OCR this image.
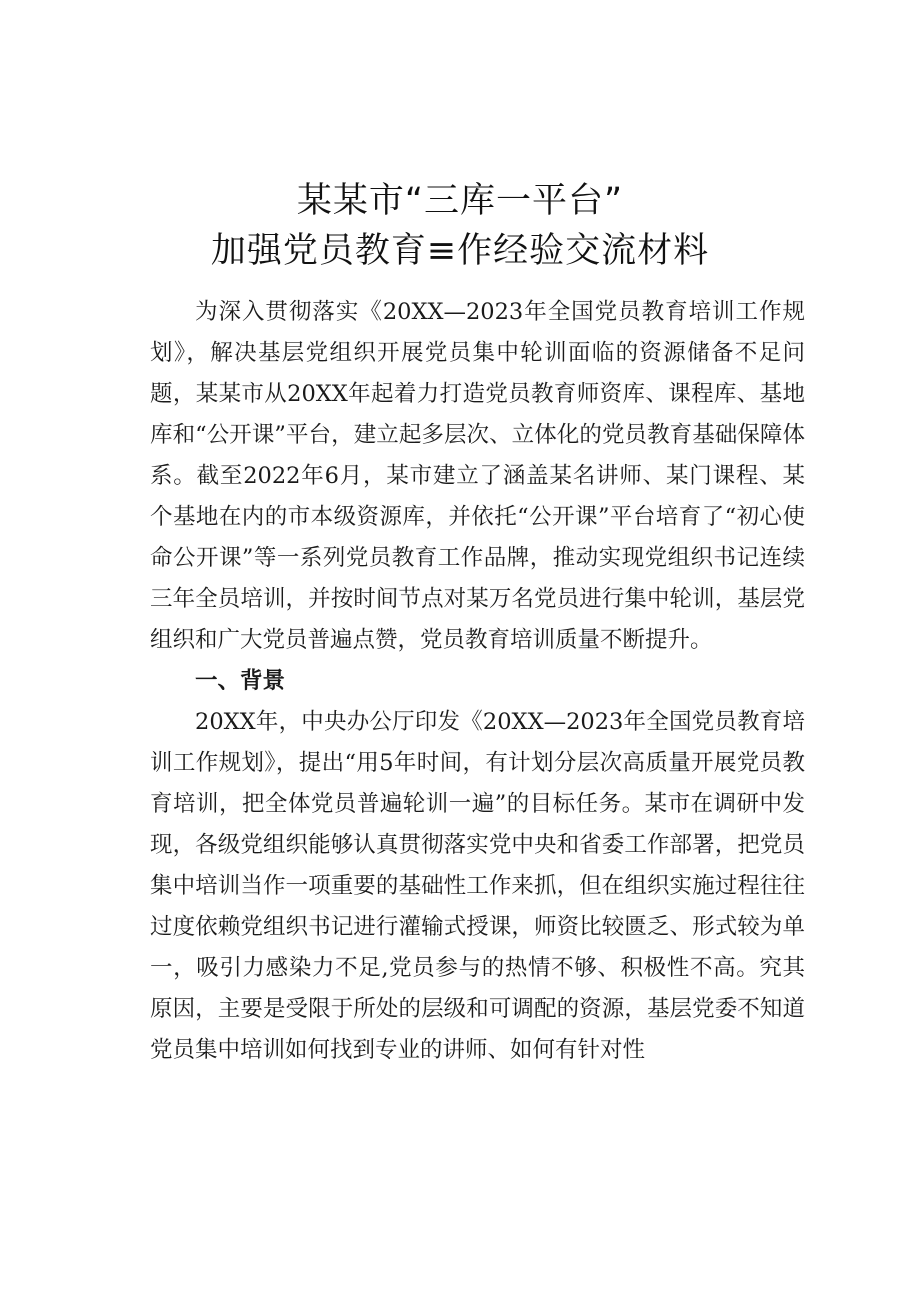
某某市“三库一平台”
加强党员教育≡作经验交流材料

为深入贯彻落实《20XX—2023年全国党员教育培训工作规划》，解决基层党组织开展党员集中轮训面临的资源储备不足问题，某某市从20XX年起着力打造党员教育师资库、课程库、基地库和“公开课”平台，建立起多层次、立体化的党员教育基础保障体系。截至2022年6月，某市建立了涵盖某名讲师、某门课程、某个基地在内的市本级资源库，并依托“公开课”平台培育了“初心使命公开课”等一系列党员教育工作品牌，推动实现党组织书记连续三年全员培训，并按时间节点对某万名党员进行集中轮训，基层党组织和广大党员普遍点赞，党员教育培训质量不断提升。

一、背景

20XX年，中央办公厅印发《20XX—2023年全国党员教育培训工作规划》，提出“用5年时间，有计划分层次高质量开展党员教育培训，把全体党员普遍轮训一遍”的目标任务。某市在调研中发现，各级党组织能够认真贯彻落实党中央和省委工作部署，把党员集中培训当作一项重要的基础性工作来抓，但在组织实施过程往往过度依赖党组织书记进行灌输式授课，师资比较匮乏、形式较为单一，吸引力感染力不足,党员参与的热情不够、积极性不高。究其原因，主要是受限于所处的层级和可调配的资源，基层党委不知道党员集中培训如何找到专业的讲师、如何有针对性
